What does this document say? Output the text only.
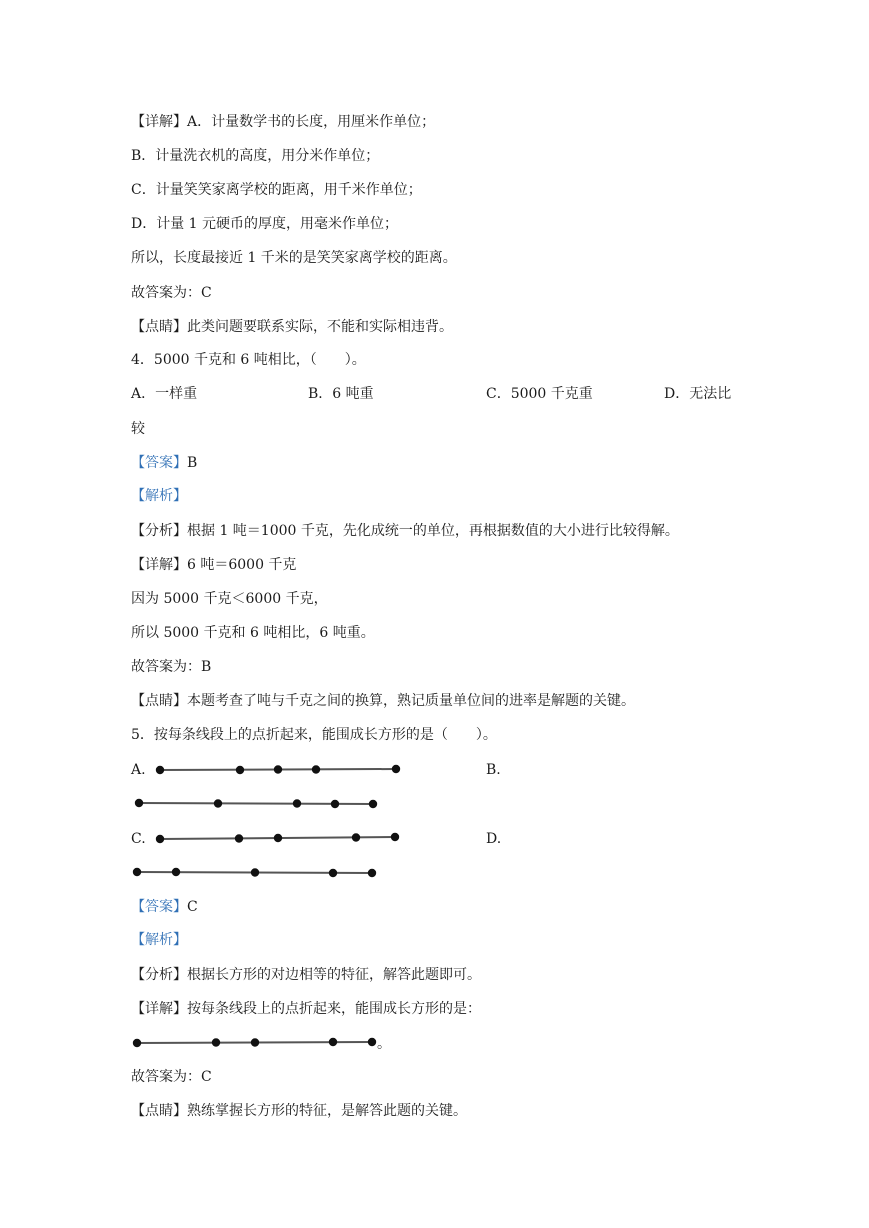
【详解】A．计量数学书的长度，用厘米作单位；
B．计量洗衣机的高度，用分米作单位；
C．计量笑笑家离学校的距离，用千米作单位；
D．计量 1 元硬币的厚度，用毫米作单位；
所以，长度最接近 1 千米的是笑笑家离学校的距离。
故答案为：C
【点睛】此类问题要联系实际，不能和实际相违背。
4．5000 千克和 6 吨相比，（　　）。
A．一样重	B．6 吨重	C．5000 千克重	D．无法比
较
【答案】B
【解析】
【分析】根据 1 吨＝1000 千克，先化成统一的单位，再根据数值的大小进行比较得解。
【详解】6 吨＝6000 千克
因为 5000 千克＜6000 千克，
所以 5000 千克和 6 吨相比，6 吨重。
故答案为：B
【点睛】本题考查了吨与千克之间的换算，熟记质量单位间的进率是解题的关键。
5．按每条线段上的点折起来，能围成长方形的是（　　）。
A.	B.
C.	D.
【答案】C
【解析】
【分析】根据长方形的对边相等的特征，解答此题即可。
【详解】按每条线段上的点折起来，能围成长方形的是：
。
故答案为：C
【点睛】熟练掌握长方形的特征，是解答此题的关键。
